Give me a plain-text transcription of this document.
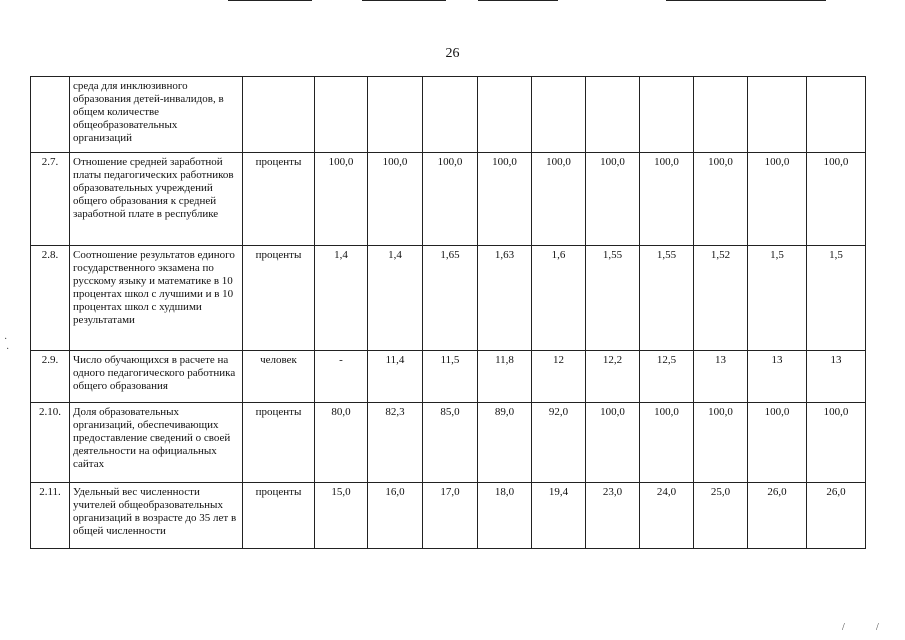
26
	среда для инклюзивного образования детей-инвалидов, в общем количестве общеобразовательных организаций											
2.7.	Отношение средней заработной платы педагогических работников образовательных учреждений общего образования к средней заработной плате в республике	проценты	100,0	100,0	100,0	100,0	100,0	100,0	100,0	100,0	100,0	100,0
2.8.	Соотношение результатов единого государственного экзамена по русскому языку и математике в 10 процентах школ с лучшими и в 10 процентах школ с худшими результатами	проценты	1,4	1,4	1,65	1,63	1,6	1,55	1,55	1,52	1,5	1,5
2.9.	Число обучающихся в расчете на одного педагогического работника общего образования	человек	-	11,4	11,5	11,8	12	12,2	12,5	13	13	13
2.10.	Доля образовательных организаций, обеспечивающих предоставление сведений о своей деятельности на официальных сайтах	проценты	80,0	82,3	85,0	89,0	92,0	100,0	100,0	100,0	100,0	100,0
2.11.	Удельный вес численности учителей общеобразовательных организаций в возрасте до 35 лет в общей численности	проценты	15,0	16,0	17,0	18,0	19,4	23,0	24,0	25,0	26,0	26,0
·
·
/	/
